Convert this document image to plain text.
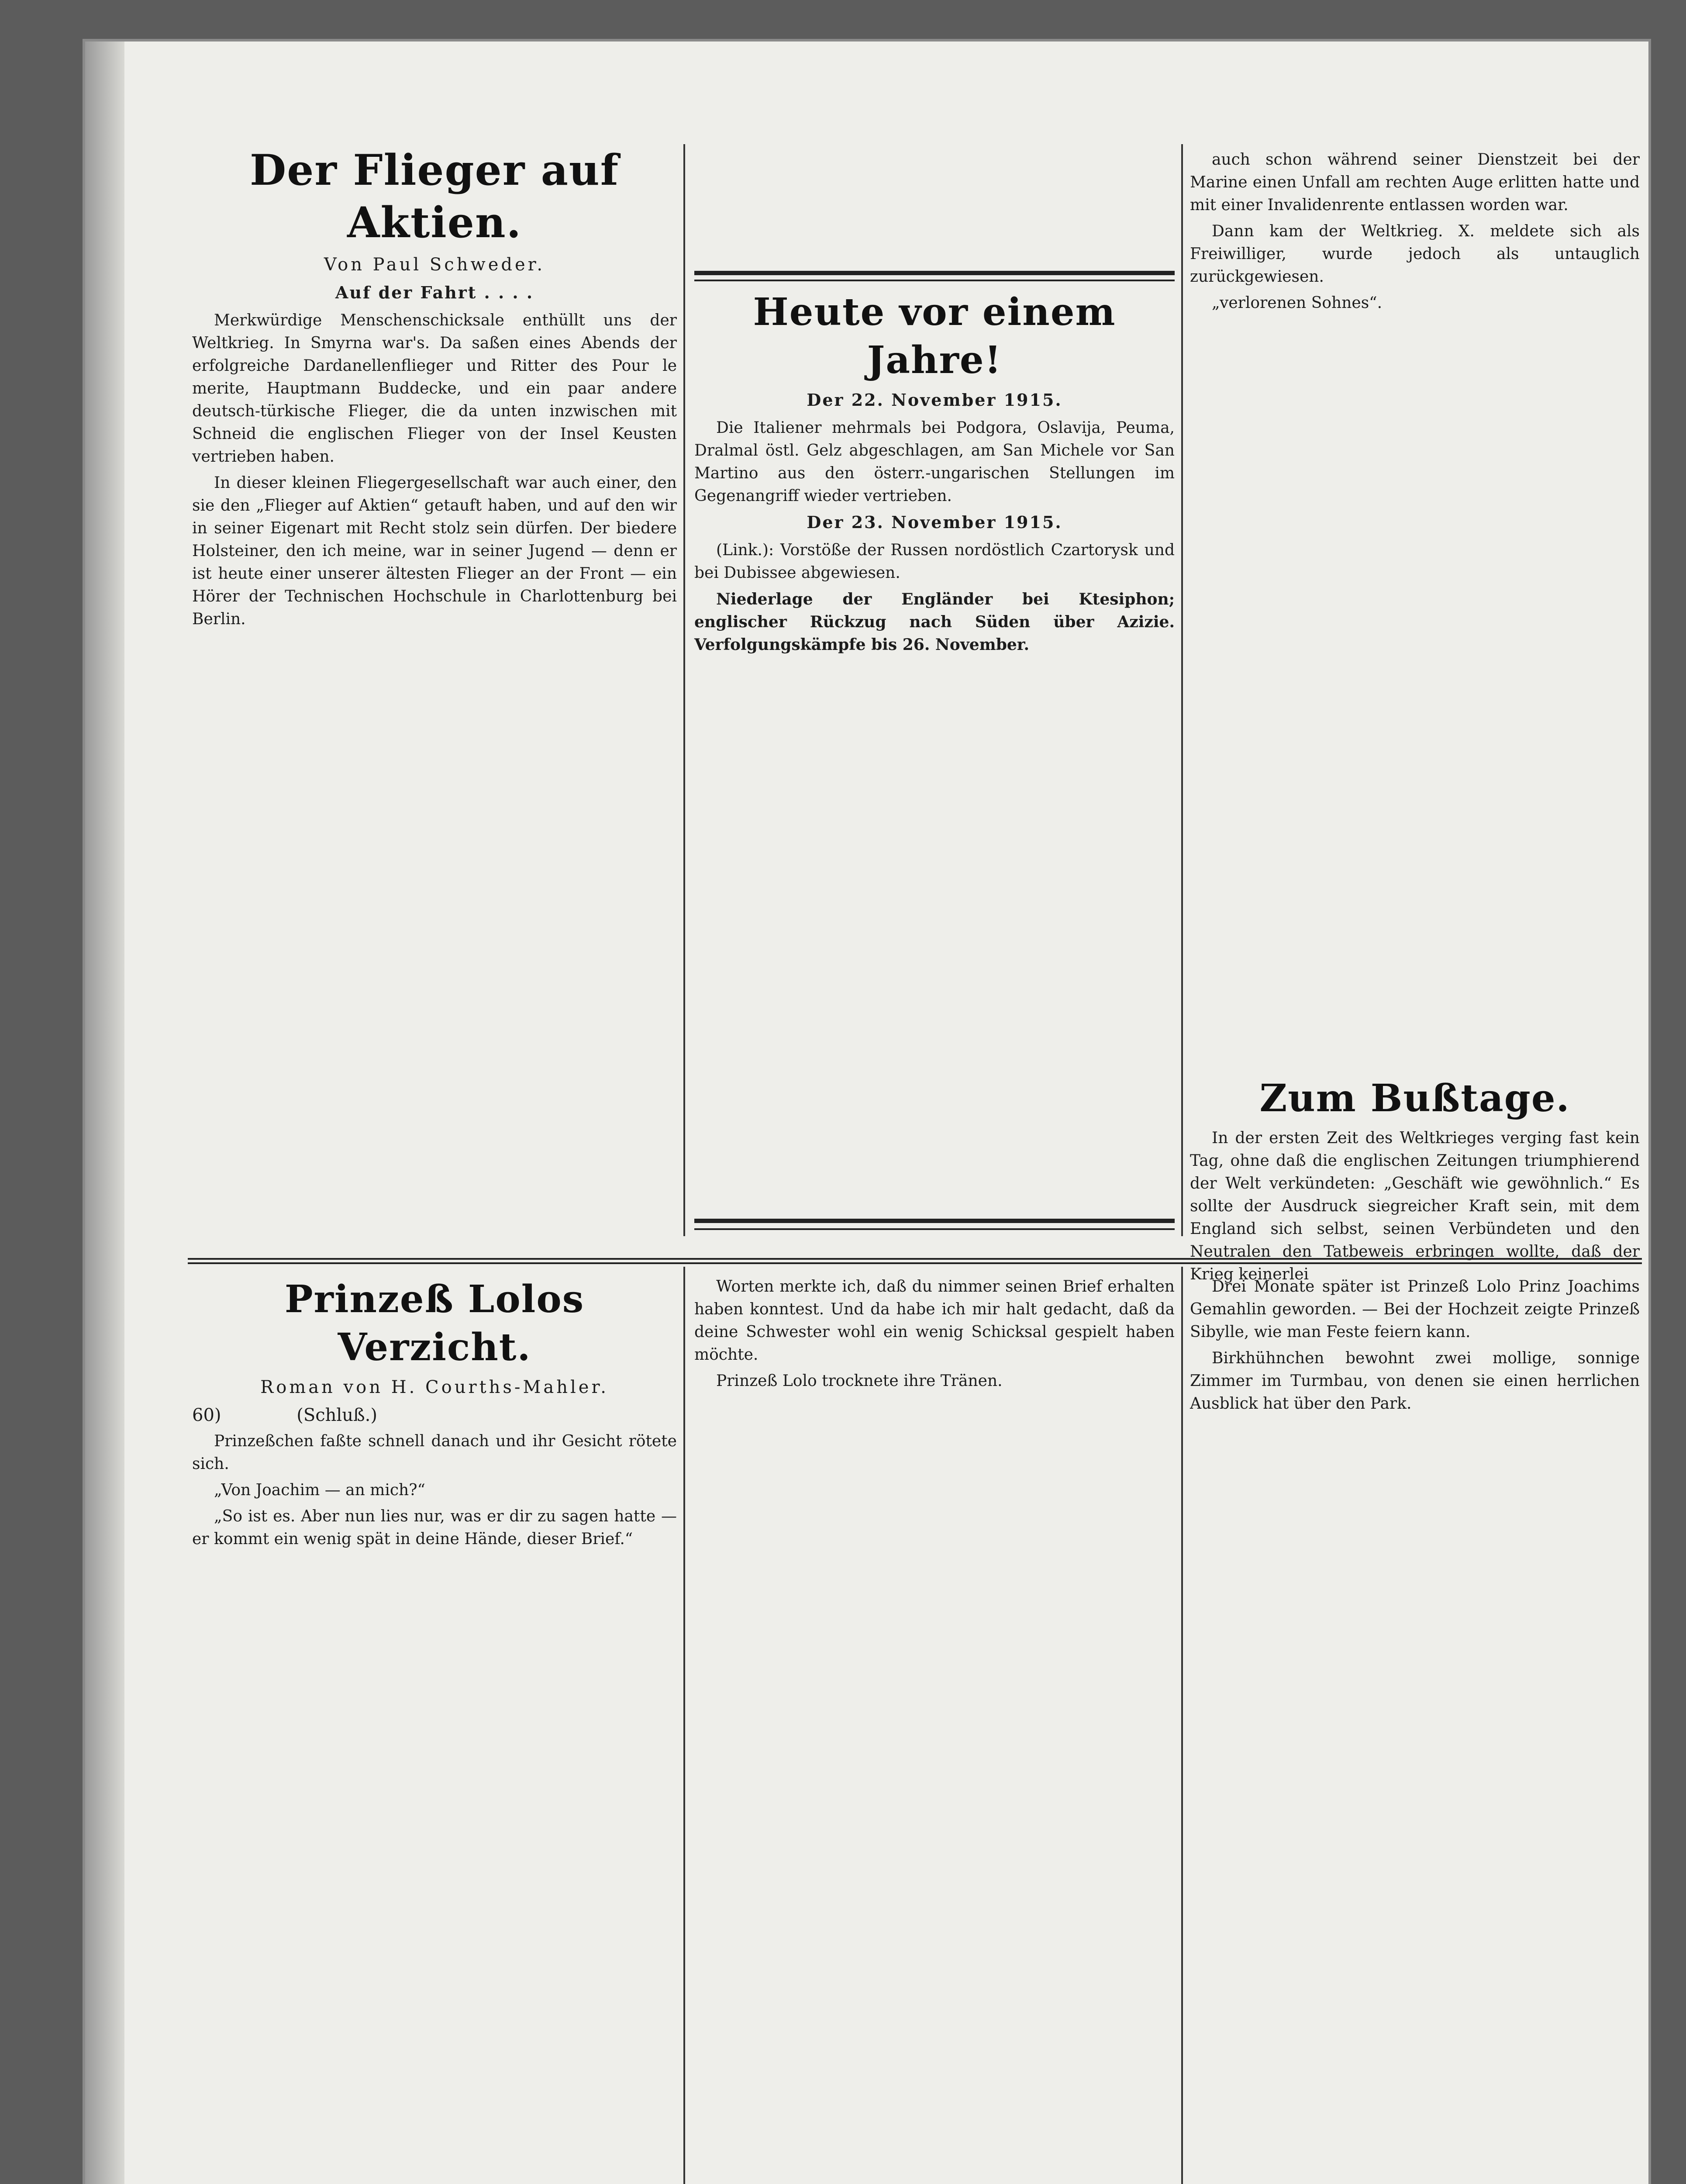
Der Flieger auf Aktien.
Von Paul Schweder.
Auf der Fahrt . . . .

Merkwürdige Menschenschicksale enthüllt uns der Weltkrieg. In Smyrna war's. Da saßen eines Abends der erfolgreiche Dardanellenflieger und Ritter des Pour le merite, Hauptmann Buddecke, und ein paar andere deutsch-türkische Flieger, die da unten inzwischen mit Schneid die englischen Flieger von der Insel Keusten vertrieben haben.

In dieser kleinen Fliegergesellschaft war auch einer, den sie den „Flieger auf Aktien“ getauft haben, und auf den wir in seiner Eigenart mit Recht stolz sein dürfen. Der biedere Holsteiner, den ich meine, war in seiner Jugend — denn er ist heute einer unserer ältesten Flieger an der Front — ein Hörer der Technischen Hochschule in Charlottenburg bei Berlin.

Heute vor einem Jahre!
Der 22. November 1915.

Die Italiener mehrmals bei Podgora, Oslavija, Peuma, Dralmal östl. Gelz abgeschlagen, am San Michele vor San Martino aus den österr.-ungarischen Stellungen im Gegenangriff wieder vertrieben.

Der 23. November 1915.

(Link.): Vorstöße der Russen nordöstlich Czartorysk und bei Dubissee abgewiesen.

Niederlage der Engländer bei Ktesiphon; englischer Rückzug nach Süden über Azizie. Verfolgungskämpfe bis 26. November.

auch schon während seiner Dienstzeit bei der Marine einen Unfall am rechten Auge erlitten hatte und mit einer Invalidenrente entlassen worden war.

Dann kam der Weltkrieg. X. meldete sich als Freiwilliger, wurde jedoch als untauglich zurückgewiesen.

„verlorenen Sohnes“.

Zum Bußtage.

In der ersten Zeit des Weltkrieges verging fast kein Tag, ohne daß die englischen Zeitungen triumphierend der Welt verkündeten: „Geschäft wie gewöhnlich.“ Es sollte der Ausdruck siegreicher Kraft sein, mit dem England sich selbst, seinen Verbündeten und den Neutralen den Tatbeweis erbringen wollte, daß der Krieg keinerlei

Prinzeß Lolos Verzicht.
Roman von H. Courths-Mahler.
60)	(Schluß.)

Prinzeßchen faßte schnell danach und ihr Gesicht rötete sich.

„Von Joachim — an mich?“

„So ist es. Aber nun lies nur, was er dir zu sagen hatte — er kommt ein wenig spät in deine Hände, dieser Brief.“

Worten merkte ich, daß du nimmer seinen Brief erhalten haben konntest. Und da habe ich mir halt gedacht, daß da deine Schwester wohl ein wenig Schicksal gespielt haben möchte.

Prinzeß Lolo trocknete ihre Tränen.

Drei Monate später ist Prinzeß Lolo Prinz Joachims Gemahlin geworden. — Bei der Hochzeit zeigte Prinzeß Sibylle, wie man Feste feiern kann.

Birkhühnchen bewohnt zwei mollige, sonnige Zimmer im Turmbau, von denen sie einen herrlichen Ausblick hat über den Park.
